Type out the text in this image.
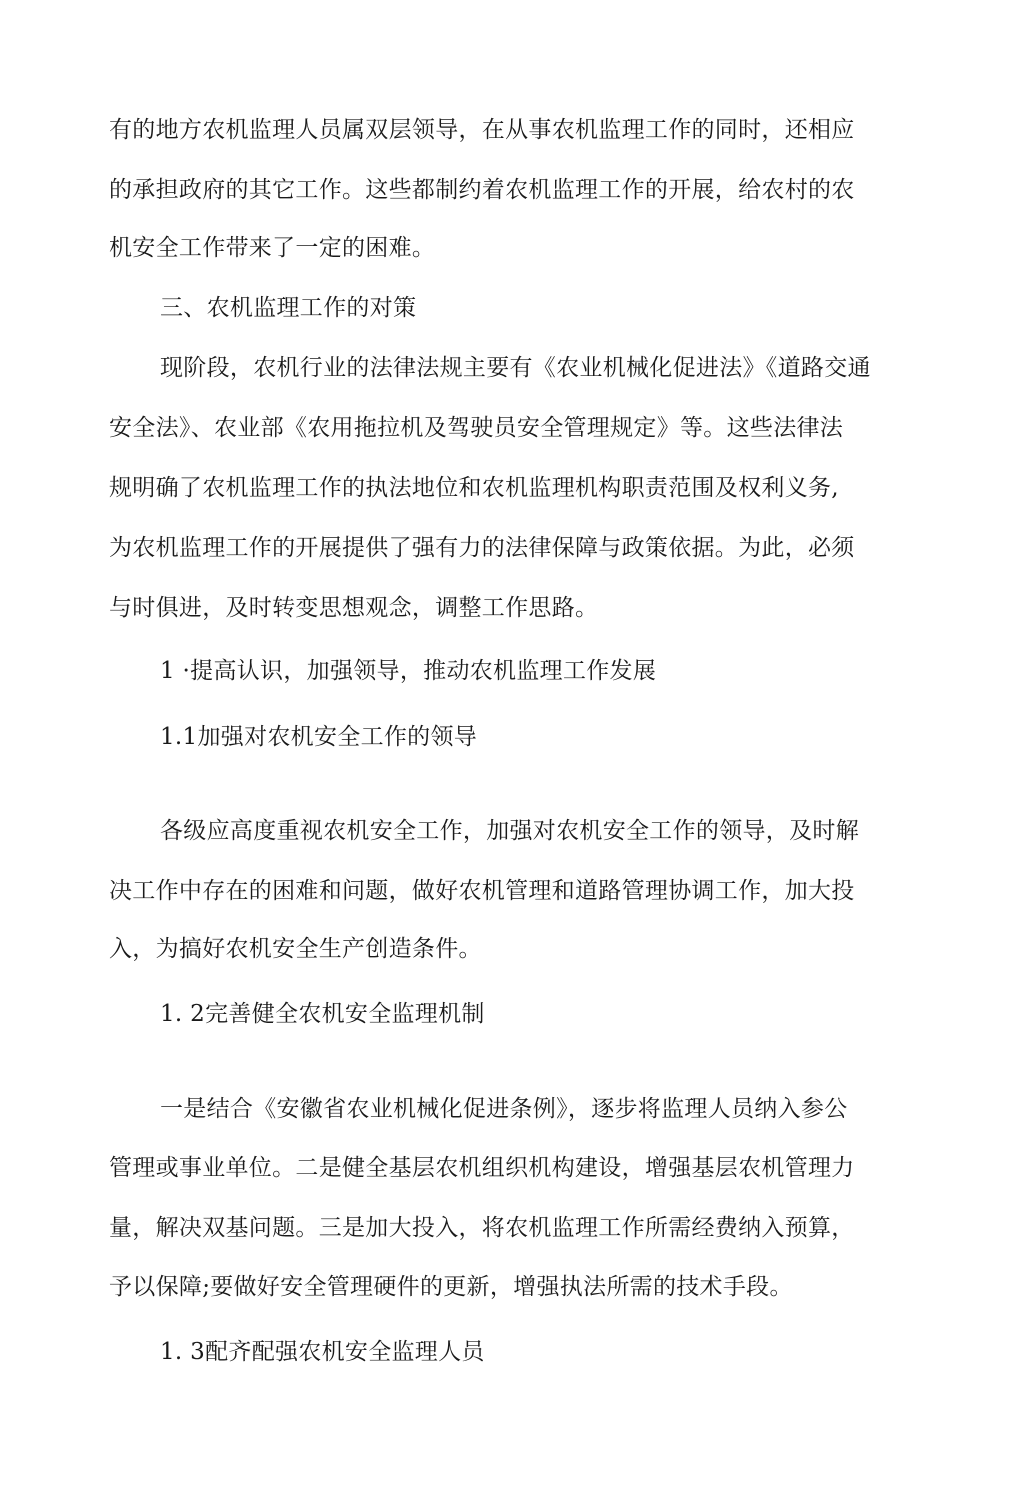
有的地方农机监理人员属双层领导，在从事农机监理工作的同时，还相应

的承担政府的其它工作。这些都制约着农机监理工作的开展，给农村的农

机安全工作带来了一定的困难。

三、农机监理工作的对策

现阶段，农机行业的法律法规主要有《农业机械化促进法》《道路交通

安全法》、农业部《农用拖拉机及驾驶员安全管理规定》等。这些法律法

规明确了农机监理工作的执法地位和农机监理机构职责范围及权利义务,

为农机监理工作的开展提供了强有力的法律保障与政策依据。为此，必须

与时俱进，及时转变思想观念，调整工作思路。

1 ·提高认识，加强领导，推动农机监理工作发展

1.1加强对农机安全工作的领导

各级应高度重视农机安全工作，加强对农机安全工作的领导，及时解

决工作中存在的困难和问题，做好农机管理和道路管理协调工作，加大投

入，为搞好农机安全生产创造条件。

1. 2完善健全农机安全监理机制

一是结合《安徽省农业机械化促进条例》，逐步将监理人员纳入参公

管理或事业单位。二是健全基层农机组织机构建设，增强基层农机管理力

量，解决双基问题。三是加大投入，将农机监理工作所需经费纳入预算，

予以保障;要做好安全管理硬件的更新，增强执法所需的技术手段。

1. 3配齐配强农机安全监理人员
